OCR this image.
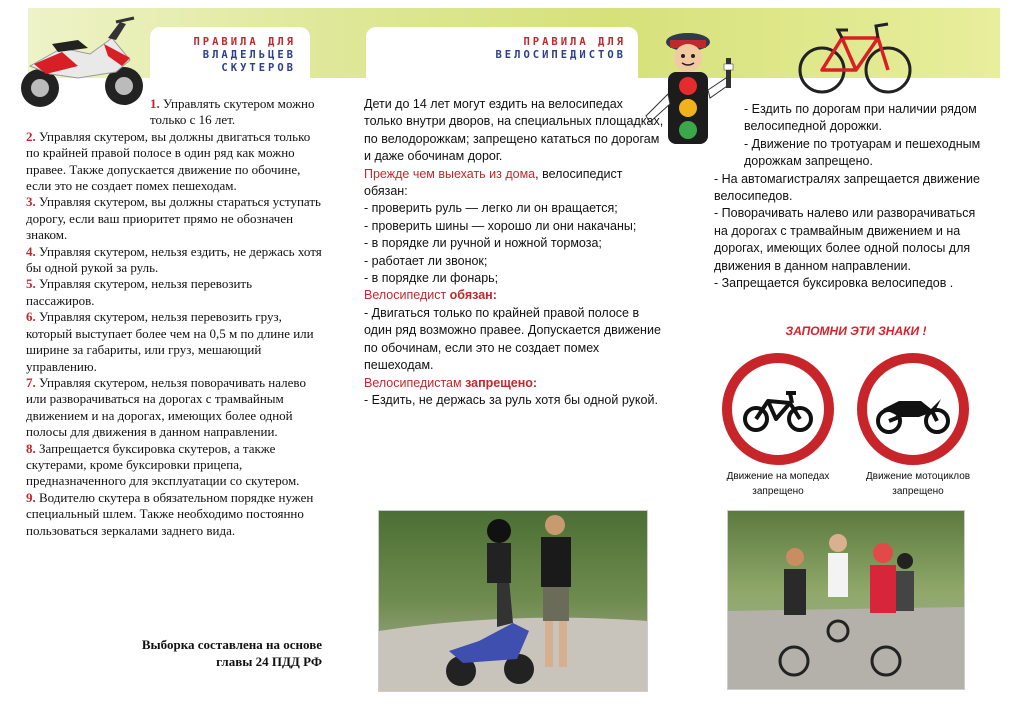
ПРАВИЛА ДЛЯ
ВЛАДЕЛЬЦЕВ
СКУТЕРОВ
ПРАВИЛА ДЛЯ
ВЕЛОСИПЕДИСТОВ

1. Управлять скутером можно только с 16 лет.

2. Управляя скутером, вы должны двигаться только по крайней правой полосе в один ряд как можно правее. Также допускается движение по обочине, если это не создает помех пешеходам.

3. Управляя скутером, вы должны стараться уступать дорогу, если ваш приоритет прямо не обозначен знаком.

4. Управляя скутером, нельзя ездить, не держась хотя бы одной рукой за руль.

5. Управляя скутером, нельзя перевозить пассажиров.

6. Управляя скутером, нельзя перевозить груз, который выступает более чем на 0,5 м по длине или ширине за габариты, или груз, мешающий управлению.

7. Управляя скутером, нельзя поворачивать налево или разворачиваться на дорогах с трамвайным движением и на дорогах, имеющих более одной полосы для движения в данном направлении.

8. Запрещается буксировка скутеров, а также скутерами, кроме буксировки прицепа, предназначенного для эксплуатации со скутером.

9. Водителю скутера в обязательном порядке нужен специальный шлем. Также необходимо постоянно пользоваться зеркалами заднего вида.

Выборка составлена на основе
главы 24 ПДД РФ

Дети до 14 лет могут ездить на велосипедах только внутри дворов, на специальных площадках, по велодорожкам; запрещено кататься по дорогам и даже обочинам дорог.

Прежде чем выехать из дома, велосипедист обязан:

- проверить руль — легко ли он вращается;

- проверить шины — хорошо ли они накачаны;

- в порядке ли ручной и ножной тормоза;

- работает ли звонок;

- в порядке ли фонарь;

Велосипедист обязан:

- Двигаться только по крайней правой полосе в один ряд возможно правее. Допускается движение по обочинам, если это не создает помех пешеходам.

Велосипедистам запрещено:

- Ездить, не держась за руль хотя бы одной рукой.

- Ездить по дорогам при наличии рядом велосипедной дорожки.

- Движение по тротуарам и пешеходным дорожкам запрещено.

- На автомагистралях запрещается движение велосипедов.

- Поворачивать налево или разворачиваться на дорогах с трамвайным движением и на дорогах, имеющих более одной полосы для движения в данном направлении.

- Запрещается буксировка велосипедов .

ЗАПОМНИ ЭТИ ЗНАКИ !
Движение на мопедах
запрещено
Движение мотоциклов
запрещено
